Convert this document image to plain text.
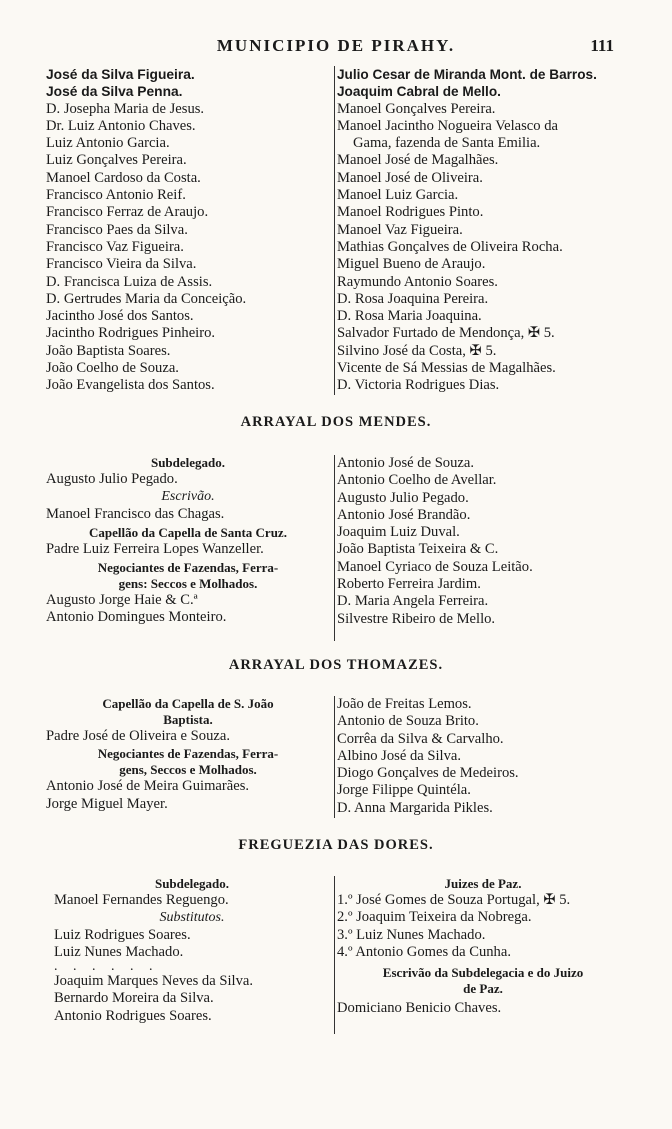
MUNICIPIO DE PIRAHY.	111
José da Silva Figueira.
José da Silva Penna.
D. Josepha Maria de Jesus.
Dr. Luiz Antonio Chaves.
Luiz Antonio Garcia.
Luiz Gonçalves Pereira.
Manoel Cardoso da Costa.
Francisco Antonio Reif.
Francisco Ferraz de Araujo.
Francisco Paes da Silva.
Francisco Vaz Figueira.
Francisco Vieira da Silva.
D. Francisca Luiza de Assis.
D. Gertrudes Maria da Conceição.
Jacintho José dos Santos.
Jacintho Rodrigues Pinheiro.
João Baptista Soares.
João Coelho de Souza.
João Evangelista dos Santos.
Julio Cesar de Miranda Mont. de Barros.
Joaquim Cabral de Mello.
Manoel Gonçalves Pereira.
Manoel Jacintho Nogueira Velasco da
Gama, fazenda de Santa Emilia.
Manoel José de Magalhães.
Manoel José de Oliveira.
Manoel Luiz Garcia.
Manoel Rodrigues Pinto.
Manoel Vaz Figueira.
Mathias Gonçalves de Oliveira Rocha.
Miguel Bueno de Araujo.
Raymundo Antonio Soares.
D. Rosa Joaquina Pereira.
D. Rosa Maria Joaquina.
Salvador Furtado de Mendonça, ✠ 5.
Silvino José da Costa, ✠ 5.
Vicente de Sá Messias de Magalhães.
D. Victoria Rodrigues Dias.
ARRAYAL DOS MENDES.
Subdelegado.
Augusto Julio Pegado.
Escrivão.
Manoel Francisco das Chagas.
Capellão da Capella de Santa Cruz.
Padre Luiz Ferreira Lopes Wanzeller.
Negociantes de Fazendas, Ferra-
gens: Seccos e Molhados.
Augusto Jorge Haie & C.ª
Antonio Domingues Monteiro.
Antonio José de Souza.
Antonio Coelho de Avellar.
Augusto Julio Pegado.
Antonio José Brandão.
Joaquim Luiz Duval.
João Baptista Teixeira & C.
Manoel Cyriaco de Souza Leitão.
Roberto Ferreira Jardim.
D. Maria Angela Ferreira.
Silvestre Ribeiro de Mello.
ARRAYAL DOS THOMAZES.
Capellão da Capella de S. João
Baptista.
Padre José de Oliveira e Souza.
Negociantes de Fazendas, Ferra-
gens, Seccos e Molhados.
Antonio José de Meira Guimarães.
Jorge Miguel Mayer.
João de Freitas Lemos.
Antonio de Souza Brito.
Corrêa da Silva & Carvalho.
Albino José da Silva.
Diogo Gonçalves de Medeiros.
Jorge Filippe Quintéla.
D. Anna Margarida Pikles.
FREGUEZIA DAS DORES.
Subdelegado.
Manoel Fernandes Reguengo.
Substitutos.
Luiz Rodrigues Soares.
Luiz Nunes Machado.
. . . . . .
Joaquim Marques Neves da Silva.
Bernardo Moreira da Silva.
Antonio Rodrigues Soares.
Juizes de Paz.
1.º José Gomes de Souza Portugal, ✠ 5.
2.º Joaquim Teixeira da Nobrega.
3.º Luiz Nunes Machado.
4.º Antonio Gomes da Cunha.
Escrivão da Subdelegacia e do Juizo
de Paz.
Domiciano Benicio Chaves.
